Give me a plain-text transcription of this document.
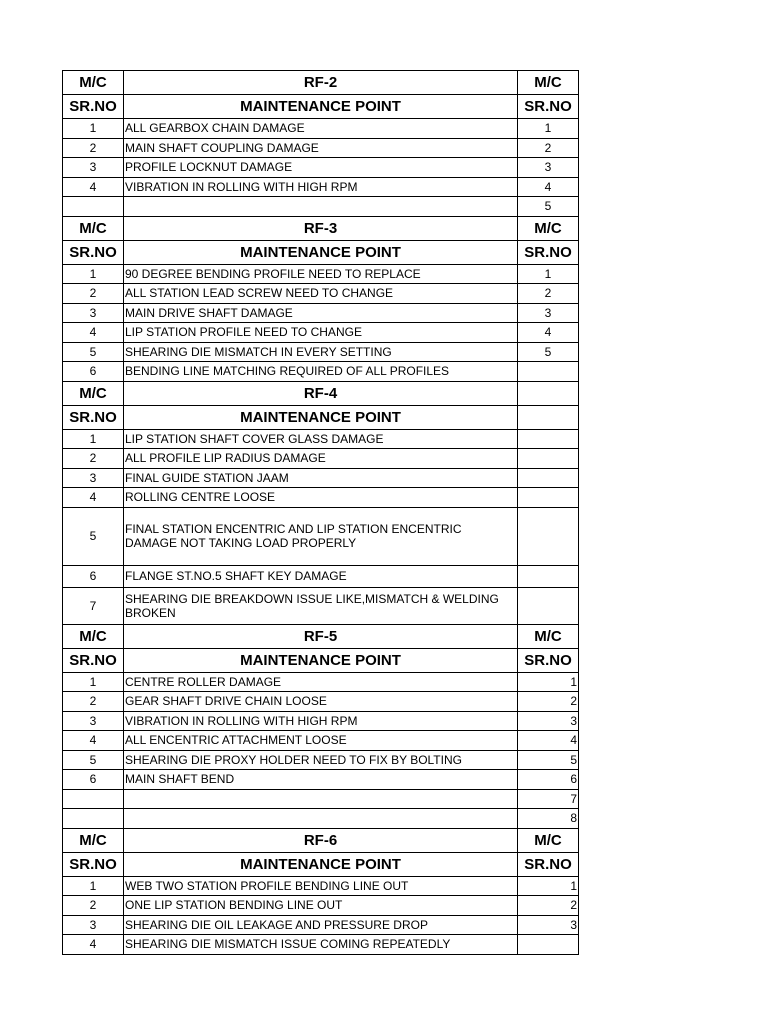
M/C	RF-2	M/C
SR.NO	MAINTENANCE POINT	SR.NO
1	ALL GEARBOX CHAIN DAMAGE	1
2	MAIN SHAFT COUPLING DAMAGE	2
3	PROFILE LOCKNUT DAMAGE	3
4	VIBRATION IN ROLLING WITH HIGH RPM	4
		5
M/C	RF-3	M/C
SR.NO	MAINTENANCE POINT	SR.NO
1	90 DEGREE BENDING PROFILE NEED TO REPLACE	1
2	ALL STATION LEAD SCREW NEED TO CHANGE	2
3	MAIN DRIVE SHAFT DAMAGE	3
4	LIP STATION PROFILE NEED TO CHANGE	4
5	SHEARING DIE MISMATCH IN EVERY SETTING	5
6	BENDING LINE MATCHING REQUIRED OF ALL PROFILES	
M/C	RF-4	
SR.NO	MAINTENANCE POINT	
1	LIP STATION SHAFT COVER GLASS DAMAGE	
2	ALL PROFILE LIP RADIUS DAMAGE	
3	FINAL GUIDE STATION JAAM	
4	ROLLING CENTRE LOOSE	
5	FINAL STATION ENCENTRIC AND LIP STATION ENCENTRIC DAMAGE NOT TAKING LOAD PROPERLY	
6	FLANGE ST.NO.5 SHAFT KEY DAMAGE	
7	SHEARING DIE BREAKDOWN ISSUE LIKE,MISMATCH & WELDING BROKEN	
M/C	RF-5	M/C
SR.NO	MAINTENANCE POINT	SR.NO
1	CENTRE ROLLER DAMAGE	1
2	GEAR SHAFT DRIVE CHAIN LOOSE	2
3	VIBRATION IN ROLLING WITH HIGH RPM	3
4	ALL ENCENTRIC ATTACHMENT LOOSE	4
5	SHEARING DIE PROXY HOLDER NEED TO FIX BY BOLTING	5
6	MAIN SHAFT BEND	6
		7
		8
M/C	RF-6	M/C
SR.NO	MAINTENANCE POINT	SR.NO
1	WEB TWO STATION PROFILE BENDING LINE OUT	1
2	ONE LIP STATION BENDING LINE OUT	2
3	SHEARING DIE OIL LEAKAGE AND PRESSURE DROP	3
4	SHEARING DIE MISMATCH ISSUE COMING REPEATEDLY	
